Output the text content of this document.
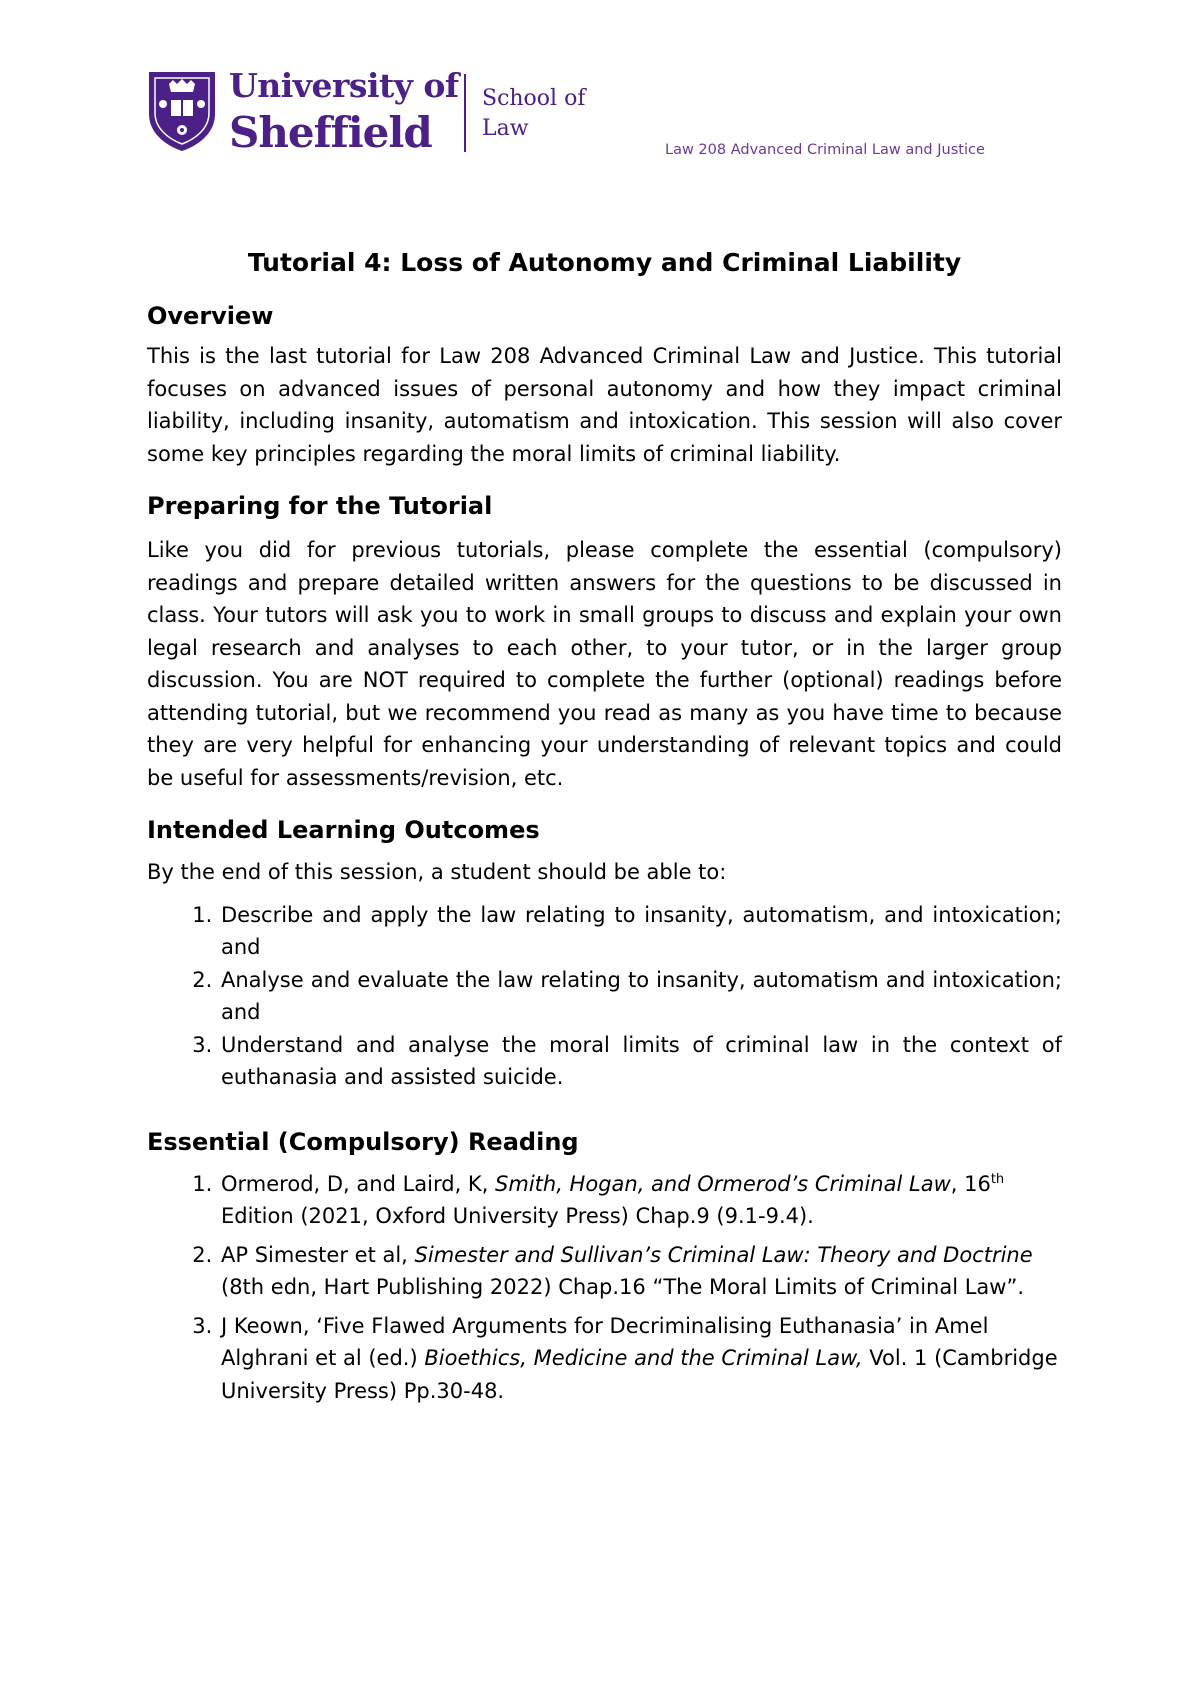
University of

Sheffield

School of

Law

Law 208 Advanced Criminal Law and Justice

Tutorial 4: Loss of Autonomy and Criminal Liability
Overview

This is the last tutorial for Law 208 Advanced Criminal Law and Justice. This tutorial focuses on advanced issues of personal autonomy and how they impact criminal liability, including insanity, automatism and intoxication. This session will also cover some key principles regarding the moral limits of criminal liability.

Preparing for the Tutorial

Like you did for previous tutorials, please complete the essential (compulsory) readings and prepare detailed written answers for the questions to be discussed in class. Your tutors will ask you to work in small groups to discuss and explain your own legal research and analyses to each other, to your tutor, or in the larger group discussion. You are NOT required to complete the further (optional) readings before attending tutorial, but we recommend you read as many as you have time to because they are very helpful for enhancing your understanding of relevant topics and could be useful for assessments/revision, etc.

Intended Learning Outcomes

By the end of this session, a student should be able to:

1. Describe and apply the law relating to insanity, automatism, and intoxication; and
2. Analyse and evaluate the law relating to insanity, automatism and intoxication; and
3. Understand and analyse the moral limits of criminal law in the context of euthanasia and assisted suicide.
Essential (Compulsory) Reading
1. Ormerod, D, and Laird, K, Smith, Hogan, and Ormerod’s Criminal Law, 16th Edition (2021, Oxford University Press) Chap.9 (9.1-9.4).
2. AP Simester et al, Simester and Sullivan’s Criminal Law: Theory and Doctrine (8th edn, Hart Publishing 2022) Chap.16 “The Moral Limits of Criminal Law”.
3. J Keown, ‘Five Flawed Arguments for Decriminalising Euthanasia’ in Amel Alghrani et al (ed.) Bioethics, Medicine and the Criminal Law, Vol. 1 (Cambridge University Press) Pp.30-48.
